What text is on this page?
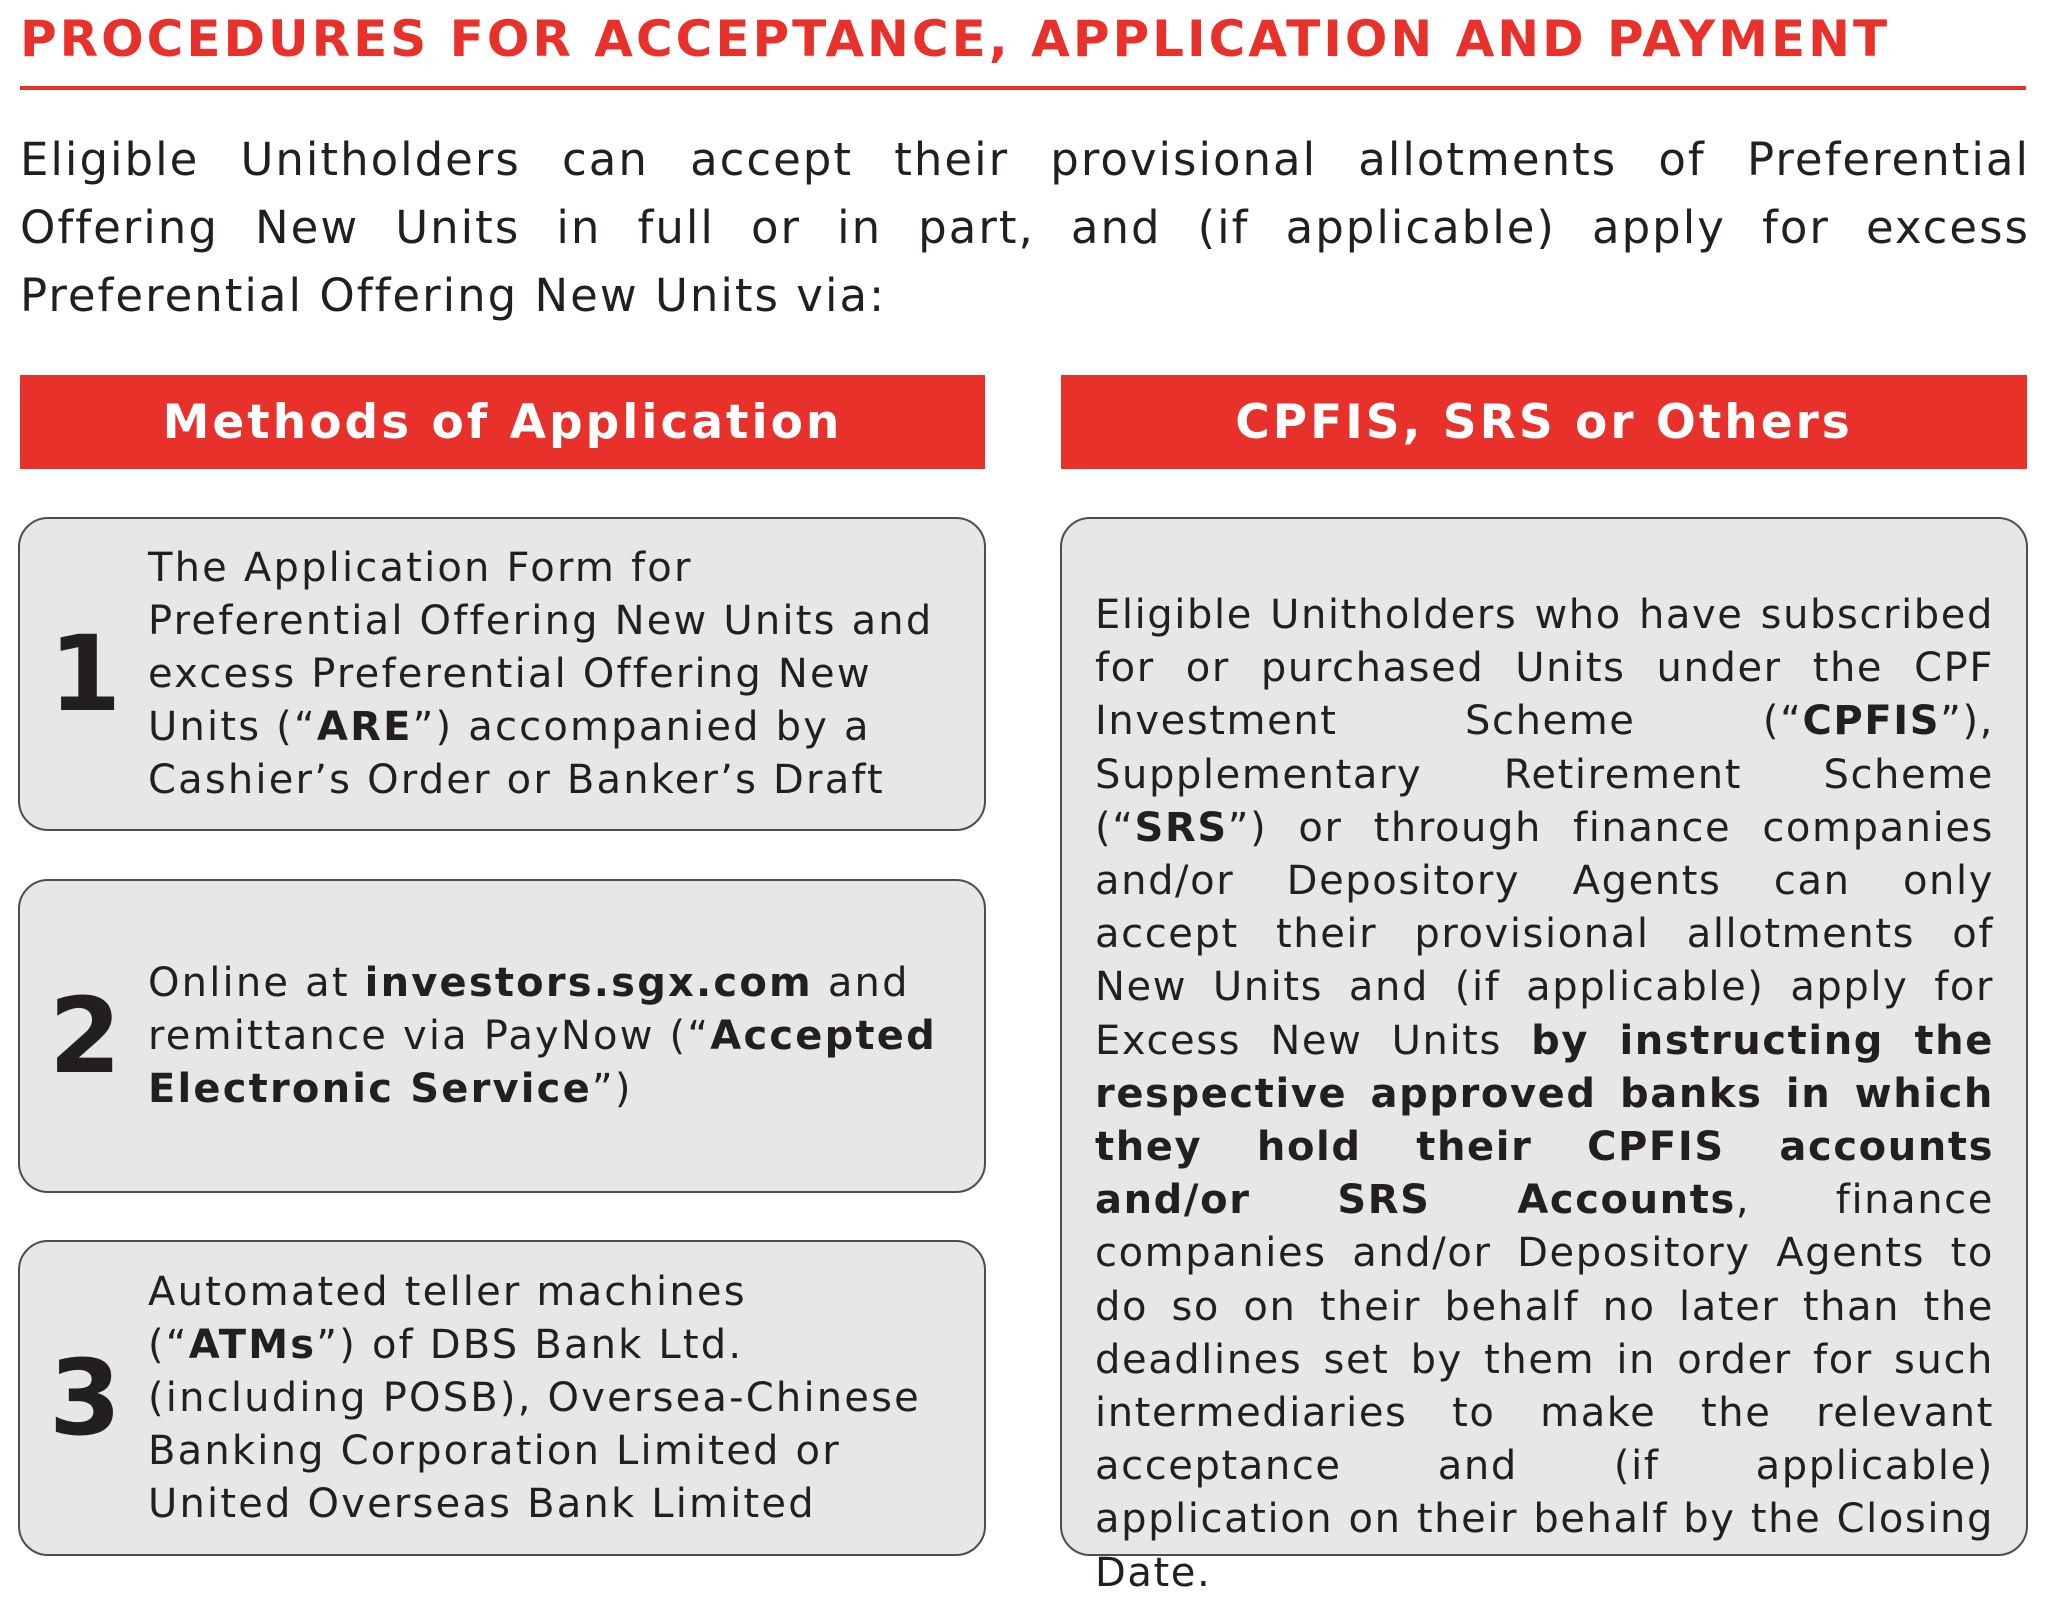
PROCEDURES FOR ACCEPTANCE, APPLICATION AND PAYMENT

Eligible Unitholders can accept their provisional allotments of Preferential Offering New Units in full or in part, and (if applicable) apply for excess Preferential Offering New Units via:

Methods of Application	CPFIS, SRS or Others
1

The Application Form for Preferential Offering New Units and excess Preferential Offering New Units (“ARE”) accompanied by a Cashier’s Order or Banker’s Draft

2 Online at investors.sgx.com and remittance via PayNow (“Accepted Electronic Service”)

3

Automated teller machines (“ATMs”) of DBS Bank Ltd. (including POSB), Oversea-Chinese Banking Corporation Limited or United Overseas Bank Limited

Eligible Unitholders who have subscribed for or purchased Units under the CPF Investment Scheme (“CPFIS”), Supplementary Retirement Scheme (“SRS”) or through finance companies and/or Depository Agents can only accept their provisional allotments of New Units and (if applicable) apply for Excess New Units by instructing the respective approved banks in which they hold their CPFIS accounts and/or SRS Accounts, finance companies and/or Depository Agents to do so on their behalf no later than the deadlines set by them in order for such intermediaries to make the relevant acceptance and (if applicable) application on their behalf by the Closing Date.
